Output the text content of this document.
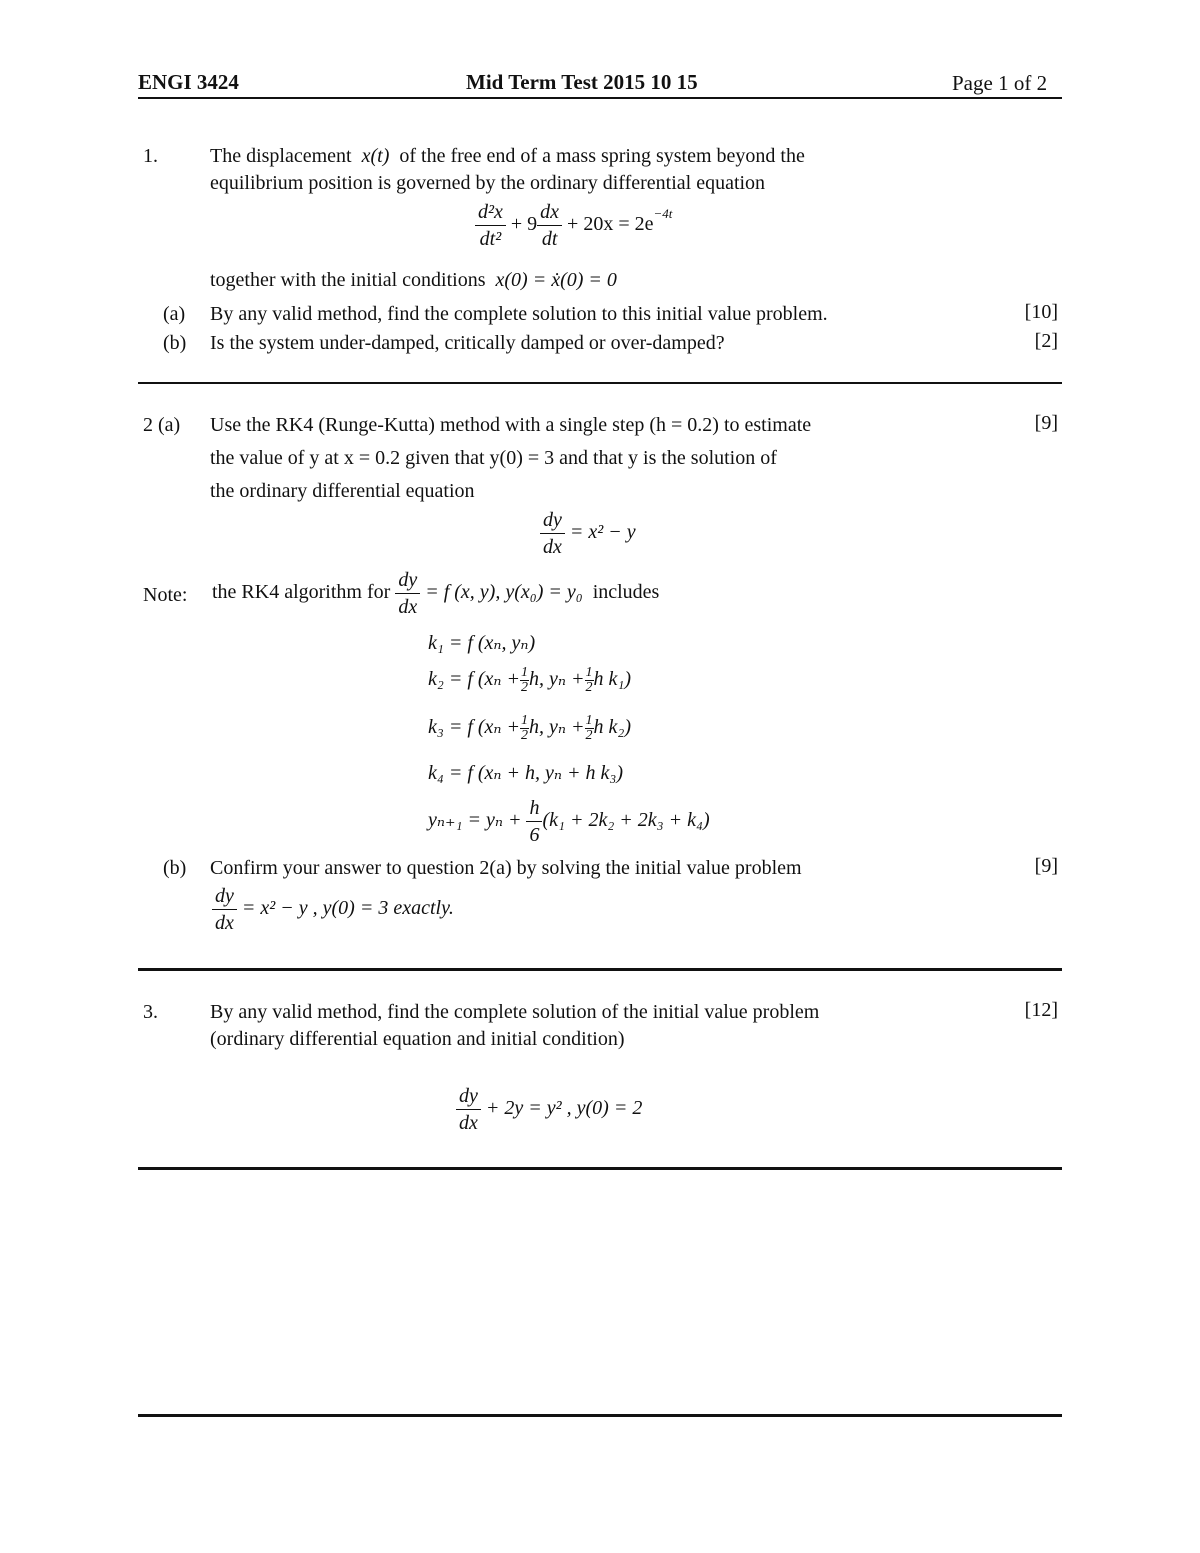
ENGI 3424	Mid Term Test 2015 10 15	Page 1 of 2
1.	The displacement x(t) of the free end of a mass spring system beyond the
equilibrium position is governed by the ordinary differential equation
$\frac{\text{d²x}}{\text{dt²}} + 9 \frac{dx}{dt} + 20x = 2e^{-4t}$
together with the initial conditions x(0) = ẋ(0) = 0
(a) By any valid method, find the complete solution to this initial value problem.	[10]
(b) Is the system under-damped, critically damped or over-damped?	[2]
2 (a) Use the RK4 (Runge-Kutta) method with a single step (h = 0.2) to estimate	[9]
the value of y at x = 0.2 given that y(0) = 3 and that y is the solution of
the ordinary differential equation
$\frac{dy}{dx} = x^2 - y$
Note: the RK4 algorithm for $\frac{dy}{dx} = f$ (x, y), y(x₀) = y₀ includes
k₁ = f (xₙ, yₙ)
k₂ = f ($x_n + \frac{1}{2} h$, $y_n + \frac{1}{2}$ h k₁)
k₃ = f ($x_n + \frac{1}{2} h$, $y_n + \frac{1}{2}$ h k₂)
k₄ = f (xₙ + h, yₙ + h k₃)
$y_{n+1} = y_n + \frac{h}{6} (k_1 + 2k_2 + 2k_3 + k_4)$
(b) Confirm your answer to question 2(a) by solving the initial value problem	[9]
$\frac{dy}{dx} = x^2 - y$ , y(0) = 3 exactly.
3.	By any valid method, find the complete solution of the initial value problem	[12]
(ordinary differential equation and initial condition)
$\frac{dy}{dx} + 2y = y^2$ , y(0) = 2
